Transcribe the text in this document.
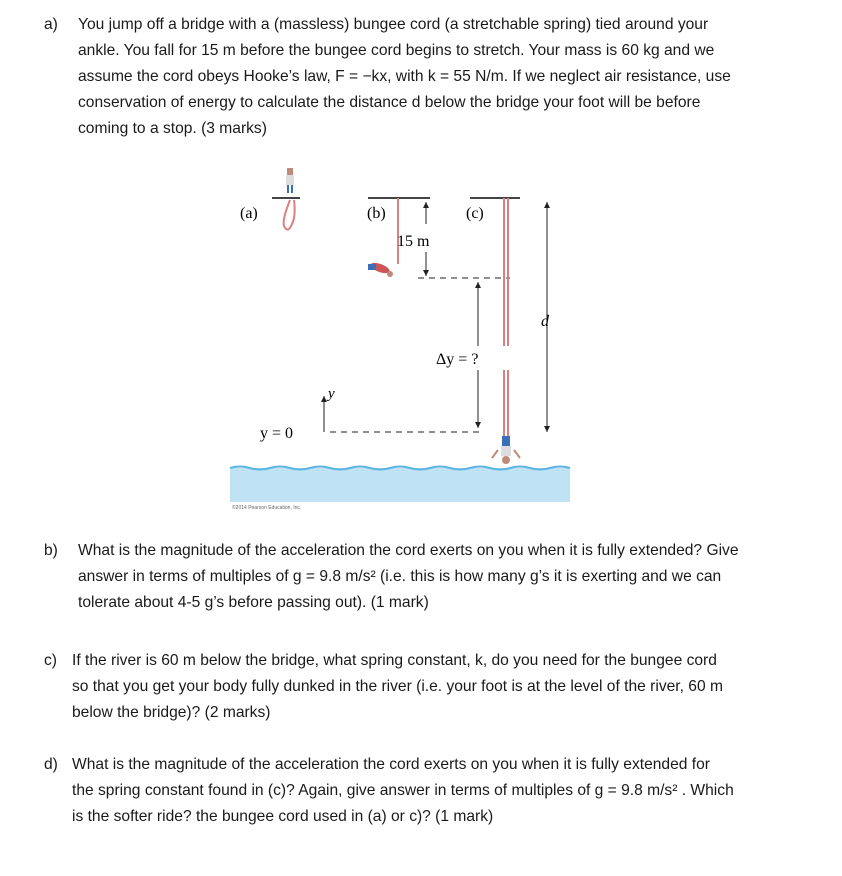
a) You jump off a bridge with a (massless) bungee cord (a stretchable spring) tied around your
ankle. You fall for 15 m before the bungee cord begins to stretch. Your mass is 60 kg and we
assume the cord obeys Hooke’s law, F = −kx, with k = 55 N/m. If we neglect air resistance, use
conservation of energy to calculate the distance d below the bridge your foot will be before
coming to a stop. (3 marks)
(a)	(b)
15 m
(c)
Δy = ?
d
y = 0
y
©2014 Pearson Education, Inc.
b) What is the magnitude of the acceleration the cord exerts on you when it is fully extended? Give
answer in terms of multiples of g = 9.8 m/s² (i.e. this is how many g’s it is exerting and we can
tolerate about 4-5 g’s before passing out). (1 mark)
c) If the river is 60 m below the bridge, what spring constant, k, do you need for the bungee cord
so that you get your body fully dunked in the river (i.e. your foot is at the level of the river, 60 m
below the bridge)? (2 marks)
d) What is the magnitude of the acceleration the cord exerts on you when it is fully extended for
the spring constant found in (c)? Again, give answer in terms of multiples of g = 9.8 m/s² . Which
is the softer ride? the bungee cord used in (a) or c)? (1 mark)
